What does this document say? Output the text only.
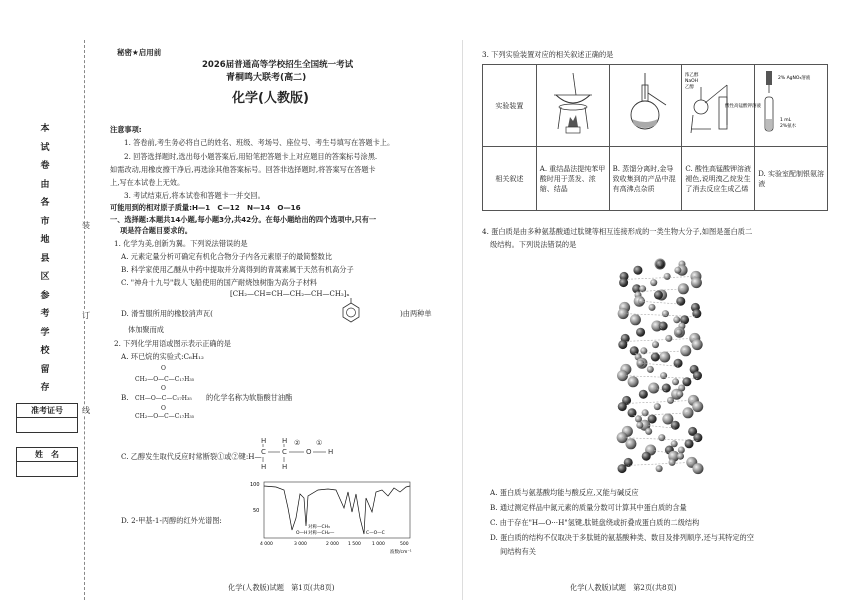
本
试
卷
由
各
市
地
县
区
参
考
学
校
留
存
准考证号
姓　名
装
订
线
秘密★启用前
2026届普通高等学校招生全国统一考试
青桐鸣大联考(高二)
化学(人教版)
注意事项:
1. 答卷前,考生务必将自己的姓名、班级、考场号、座位号、考生号填写在答题卡上。
2. 回答选择题时,选出每小题答案后,用铅笔把答题卡上对应题目的答案标号涂黑.
如需改动,用橡皮擦干净后,再选涂其他答案标号。回答非选择题时,将答案写在答题卡
上,写在本试卷上无效。
3. 考试结束后,将本试卷和答题卡一并交回。
可能用到的相对原子质量:H—1　C—12　N—14　O—16
一、选择题:本题共14小题,每小题3分,共42分。在每小题给出的四个选项中,只有一
项是符合题目要求的。
1. 化学为美,创新为翼。下列说法错误的是
A. 元素定量分析可确定有机化合物分子内各元素原子的最简整数比
B. 科学家使用乙醚从中药中提取并分离得到的青蒿素属于天然有机高分子
C. "神舟十九号"载人飞船使用的国产耐烧蚀树脂为高分子材料
[CH₂—CH=CH—CH₂—CH—CH₂]ₙ
D. 滑雪服所用的橡胶消声瓦(	)由两种单
体加聚而成
2. 下列化学用语或图示表示正确的是
A. 环已烷的实验式:C₆H₁₂
B.
O
CH₂—O—C—C₁₇H₃₅
O
CH—O—C—C₁₇H₃₅
O
CH₂—O—C—C₁₇H₃₅
的化学名称为软脂酸甘油酯
C. 乙醇发生取代反应时常断裂①或②键:H—
H H ② ①
C C	O H
H H
D. 2-甲基-1-丙醇的红外光谱图:
100
50
O—H
对称—CH₃
对称—CH₂—	C—O—C
4 000	3 000	2 000 1 500 1 000	500
波数/cm⁻¹
化学(人教版)试题　第1页(共8页)
3. 下列实验装置对应的相关叙述正确的是
实验装置			浓乙醇
NaOH
乙醇
酸性高锰酸钾溶液	2% AgNO₃溶液
1 mL
2%氨水

相关叙述	A. 重结晶法提纯苯甲酸时用于蒸发、浓缩、结晶	B. 蒸馏分离时,金导致收集到的产品中混有高沸点杂质	C. 酸性高锰酸钾溶液褪色,说明溴乙烷发生了消去反应生成乙烯	D. 实验室配制银氨溶液
4. 蛋白质是由多种氨基酸通过肽键等相互连接形成的一类生物大分子,如图是蛋白质二
级结构。下列说法错误的是
A. 蛋白质与氨基酸均能与酸反应,又能与碱反应
B. 通过测定样品中氮元素的质量分数可计算其中蛋白质的含量
C. 由于存在"H—O···H"氢键,肽链盘绕或折叠成蛋白质的二级结构
D. 蛋白质的结构不仅取决于多肽链的氨基酸种类、数目及排列顺序,还与其特定的空
间结构有关
化学(人教版)试题　第2页(共8页)
